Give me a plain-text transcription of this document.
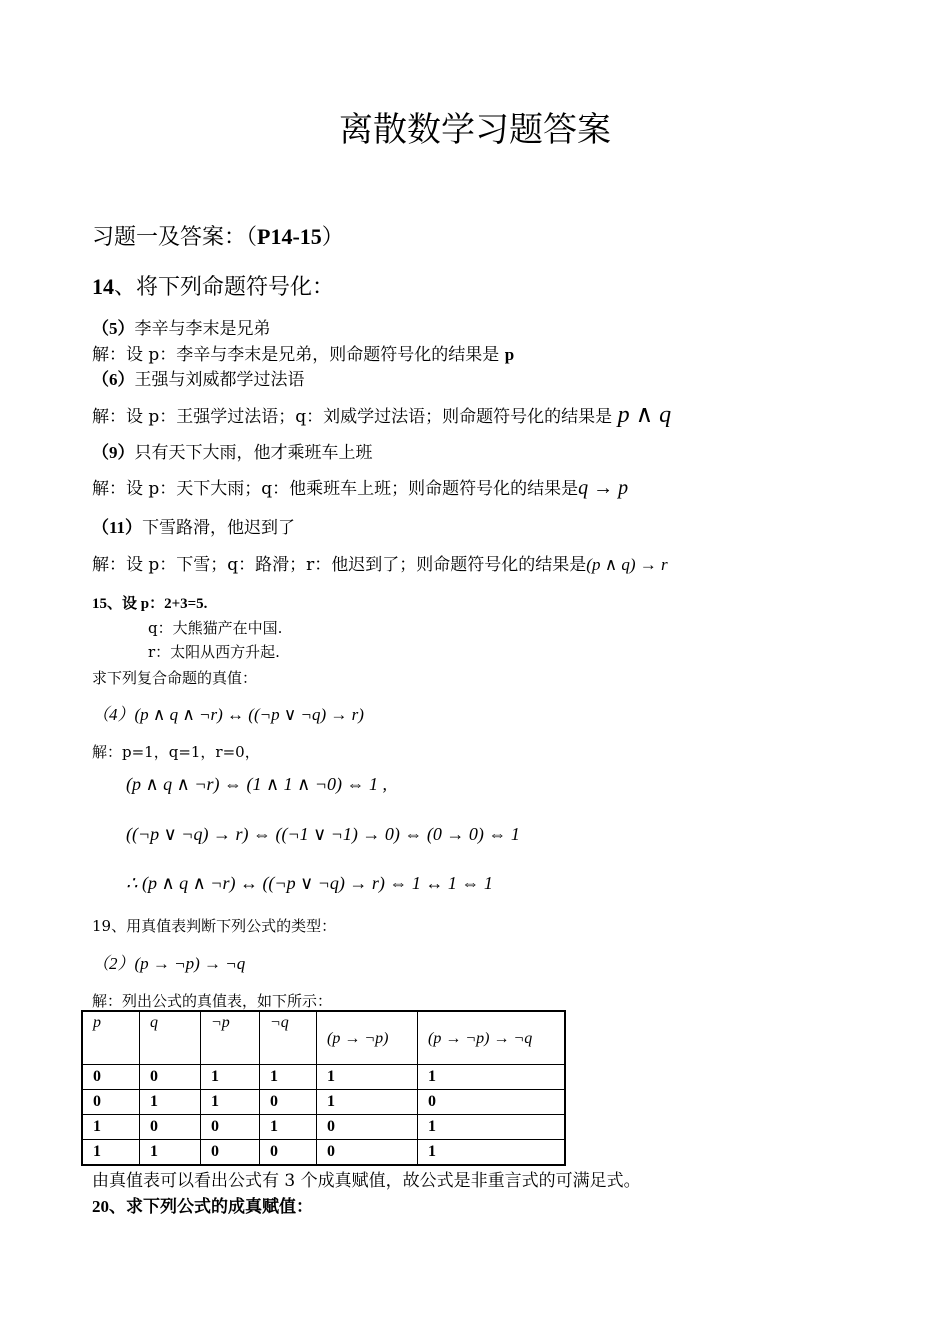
离散数学习题答案
习题一及答案：（P14-15）
14、将下列命题符号化：
（5）李辛与李末是兄弟
解：设 p：李辛与李末是兄弟，则命题符号化的结果是 p
（6）王强与刘威都学过法语
解：设 p：王强学过法语；q：刘威学过法语；则命题符号化的结果是 p ∧ q
（9）只有天下大雨，他才乘班车上班
解：设 p：天下大雨；q：他乘班车上班；则命题符号化的结果是q → p
（11）下雪路滑，他迟到了
解：设 p：下雪；q：路滑；r：他迟到了；则命题符号化的结果是(p ∧ q) → r
15、设 p：2+3=5.
q：大熊猫产在中国.
r：太阳从西方升起.
求下列复合命题的真值：
（4）(p ∧ q ∧ ¬r) ↔ ((¬p ∨ ¬q) → r)
解：p=1，q=1，r=0，
(p ∧ q ∧ ¬r) ⇔ (1 ∧ 1 ∧ ¬0) ⇔ 1 ,
((¬p ∨ ¬q) → r) ⇔ ((¬1 ∨ ¬1) → 0) ⇔ (0 → 0) ⇔ 1
∴ (p ∧ q ∧ ¬r) ↔ ((¬p ∨ ¬q) → r) ⇔ 1 ↔ 1 ⇔ 1
19、用真值表判断下列公式的类型：
（2）(p → ¬p) → ¬q
解：列出公式的真值表，如下所示：
p	q	¬p	¬q	(p → ¬p)	(p → ¬p) → ¬q
0	0	1	1	1	1
0	1	1	0	1	0
1	0	0	1	0	1
1	1	0	0	0	1
由真值表可以看出公式有 3 个成真赋值，故公式是非重言式的可满足式。
20、求下列公式的成真赋值：
